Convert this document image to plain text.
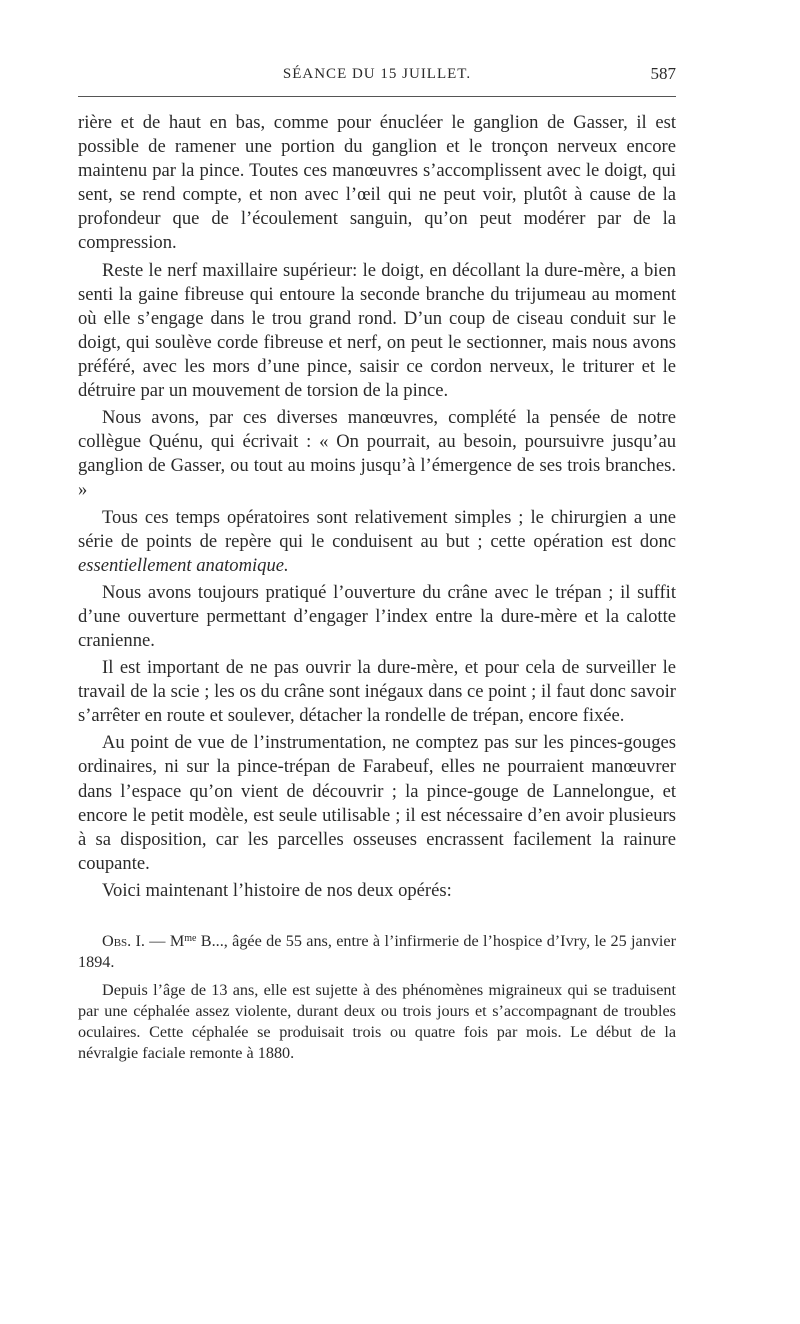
SÉANCE DU 15 JUILLET.	587

rière et de haut en bas, comme pour énucléer le ganglion de Gasser, il est possible de ramener une portion du ganglion et le tronçon nerveux encore maintenu par la pince. Toutes ces manœuvres s’accomplissent avec le doigt, qui sent, se rend compte, et non avec l’œil qui ne peut voir, plutôt à cause de la profondeur que de l’écoulement sanguin, qu’on peut modérer par de la compression.

Reste le nerf maxillaire supérieur: le doigt, en décollant la dure-mère, a bien senti la gaine fibreuse qui entoure la seconde branche du trijumeau au moment où elle s’engage dans le trou grand rond. D’un coup de ciseau conduit sur le doigt, qui soulève corde fibreuse et nerf, on peut le sectionner, mais nous avons préféré, avec les mors d’une pince, saisir ce cordon nerveux, le triturer et le détruire par un mouvement de torsion de la pince.

Nous avons, par ces diverses manœuvres, complété la pensée de notre collègue Quénu, qui écrivait : « On pourrait, au besoin, poursuivre jusqu’au ganglion de Gasser, ou tout au moins jusqu’à l’émergence de ses trois branches. »

Tous ces temps opératoires sont relativement simples ; le chirurgien a une série de points de repère qui le conduisent au but ; cette opération est donc essentiellement anatomique.

Nous avons toujours pratiqué l’ouverture du crâne avec le trépan ; il suffit d’une ouverture permettant d’engager l’index entre la dure-mère et la calotte cranienne.

Il est important de ne pas ouvrir la dure-mère, et pour cela de surveiller le travail de la scie ; les os du crâne sont inégaux dans ce point ; il faut donc savoir s’arrêter en route et soulever, détacher la rondelle de trépan, encore fixée.

Au point de vue de l’instrumentation, ne comptez pas sur les pinces-gouges ordinaires, ni sur la pince-trépan de Farabeuf, elles ne pourraient manœuvrer dans l’espace qu’on vient de découvrir ; la pince-gouge de Lannelongue, et encore le petit modèle, est seule utilisable ; il est nécessaire d’en avoir plusieurs à sa disposition, car les parcelles osseuses encrassent facilement la rainure coupante.

Voici maintenant l’histoire de nos deux opérés:

Obs. I. — $M^{me}$ B..., âgée de 55 ans, entre à l’infirmerie de l’hospice d’Ivry, le 25 janvier 1894.

Depuis l’âge de 13 ans, elle est sujette à des phénomènes migraineux qui se traduisent par une céphalée assez violente, durant deux ou trois jours et s’accompagnant de troubles oculaires. Cette céphalée se produisait trois ou quatre fois par mois. Le début de la névralgie faciale remonte à 1880.
